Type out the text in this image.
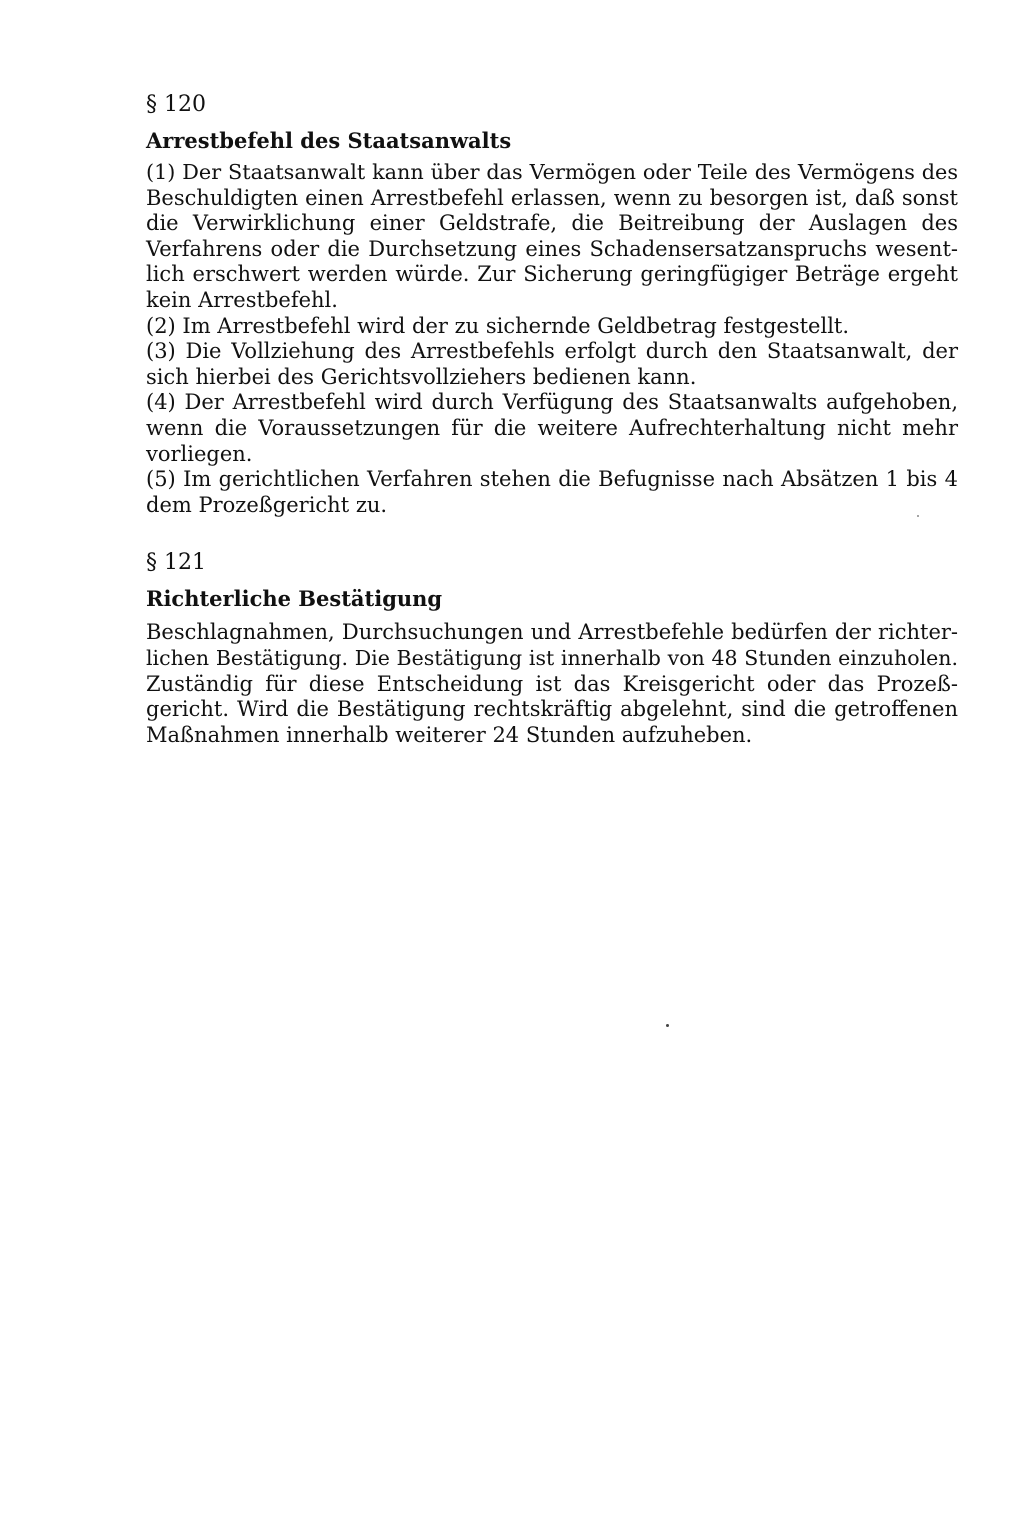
§ 120
Arrestbefehl des Staatsanwalts
(1) Der Staatsanwalt kann über das Vermögen oder Teile des Vermögens des
Beschuldigten einen Arrestbefehl erlassen, wenn zu besorgen ist, daß sonst
die Verwirklichung einer Geldstrafe, die Beitreibung der Auslagen des
Verfahrens oder die Durchsetzung eines Schadensersatzanspruchs wesent-
lich erschwert werden würde. Zur Sicherung geringfügiger Beträge ergeht
kein Arrestbefehl.
(2) Im Arrestbefehl wird der zu sichernde Geldbetrag festgestellt.
(3) Die Vollziehung des Arrestbefehls erfolgt durch den Staatsanwalt, der
sich hierbei des Gerichtsvollziehers bedienen kann.
(4) Der Arrestbefehl wird durch Verfügung des Staatsanwalts aufgehoben,
wenn die Voraussetzungen für die weitere Aufrechterhaltung nicht mehr
vorliegen.
(5) Im gerichtlichen Verfahren stehen die Befugnisse nach Absätzen 1 bis 4
dem Prozeßgericht zu.
§ 121
Richterliche Bestätigung
Beschlagnahmen, Durchsuchungen und Arrestbefehle bedürfen der richter-
lichen Bestätigung. Die Bestätigung ist innerhalb von 48 Stunden einzuholen.
Zuständig für diese Entscheidung ist das Kreisgericht oder das Prozeß-
gericht. Wird die Bestätigung rechtskräftig abgelehnt, sind die getroffenen
Maßnahmen innerhalb weiterer 24 Stunden aufzuheben.
